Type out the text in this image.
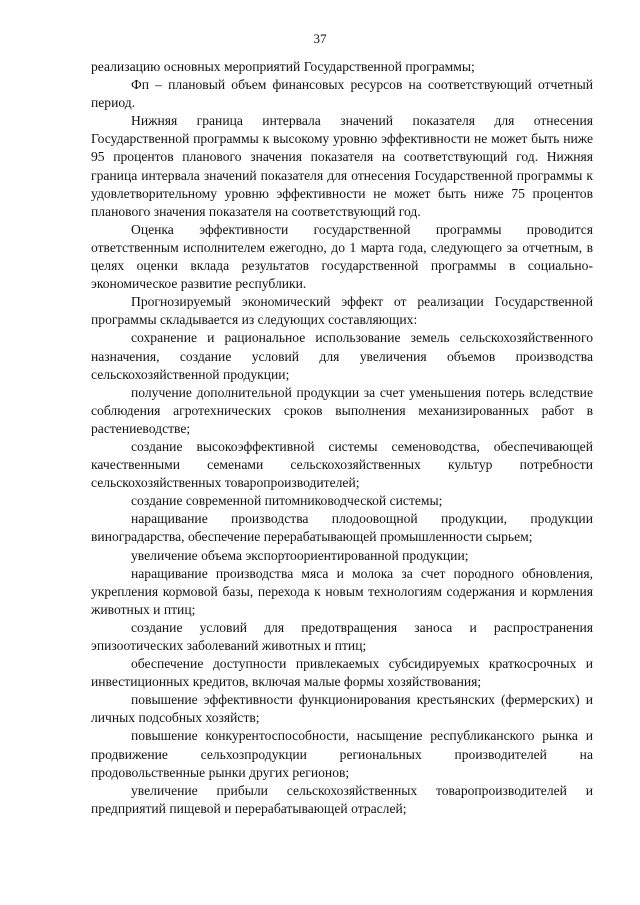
37

реализацию основных мероприятий Государственной программы;

Фп – плановый объем финансовых ресурсов на соответствующий отчетный период.

Нижняя граница интервала значений показателя для отнесения Государственной программы к высокому уровню эффективности не может быть ниже 95 процентов планового значения показателя на соответствующий год. Нижняя граница интервала значений показателя для отнесения Государственной программы к удовлетворительному уровню эффективности не может быть ниже 75 процентов планового значения показателя на соответствующий год.

Оценка эффективности государственной программы проводится ответственным исполнителем ежегодно, до 1 марта года, следующего за отчетным, в целях оценки вклада результатов государственной программы в социально-экономическое развитие республики.

Прогнозируемый экономический эффект от реализации Государственной программы складывается из следующих составляющих:

сохранение и рациональное использование земель сельскохозяйственного назначения, создание условий для увеличения объемов производства сельскохозяйственной продукции;

получение дополнительной продукции за счет уменьшения потерь вследствие соблюдения агротехнических сроков выполнения механизированных работ в растениеводстве;

создание высокоэффективной системы семеноводства, обеспечивающей качественными семенами сельскохозяйственных культур потребности сельскохозяйственных товаропроизводителей;

создание современной питомниководческой системы;

наращивание производства плодоовощной продукции, продукции виноградарства, обеспечение перерабатывающей промышленности сырьем;

увеличение объема экспортоориентированной продукции;

наращивание производства мяса и молока за счет породного обновления, укрепления кормовой базы, перехода к новым технологиям содержания и кормления животных и птиц;

создание условий для предотвращения заноса и распространения эпизоотических заболеваний животных и птиц;

обеспечение доступности привлекаемых субсидируемых краткосрочных и инвестиционных кредитов, включая малые формы хозяйствования;

повышение эффективности функционирования крестьянских (фермерских) и личных подсобных хозяйств;

повышение конкурентоспособности, насыщение республиканского рынка и продвижение сельхозпродукции региональных производителей на продовольственные рынки других регионов;

увеличение прибыли сельскохозяйственных товаропроизводителей и предприятий пищевой и перерабатывающей отраслей;
